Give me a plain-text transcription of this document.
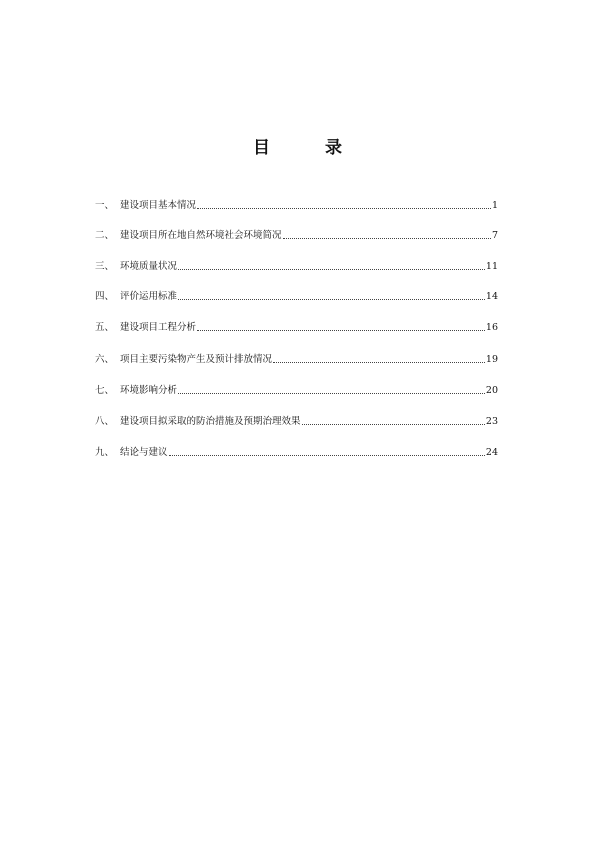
目	录
一、 建设项目基本情况	1
二、 建设项目所在地自然环境社会环境简况	7
三、 环境质量状况	11
四、 评价运用标准	14
五、 建设项目工程分析	16
六、 项目主要污染物产生及预计排放情况	19
七、 环境影响分析	20
八、 建设项目拟采取的防治措施及预期治理效果	23
九、 结论与建议	24
